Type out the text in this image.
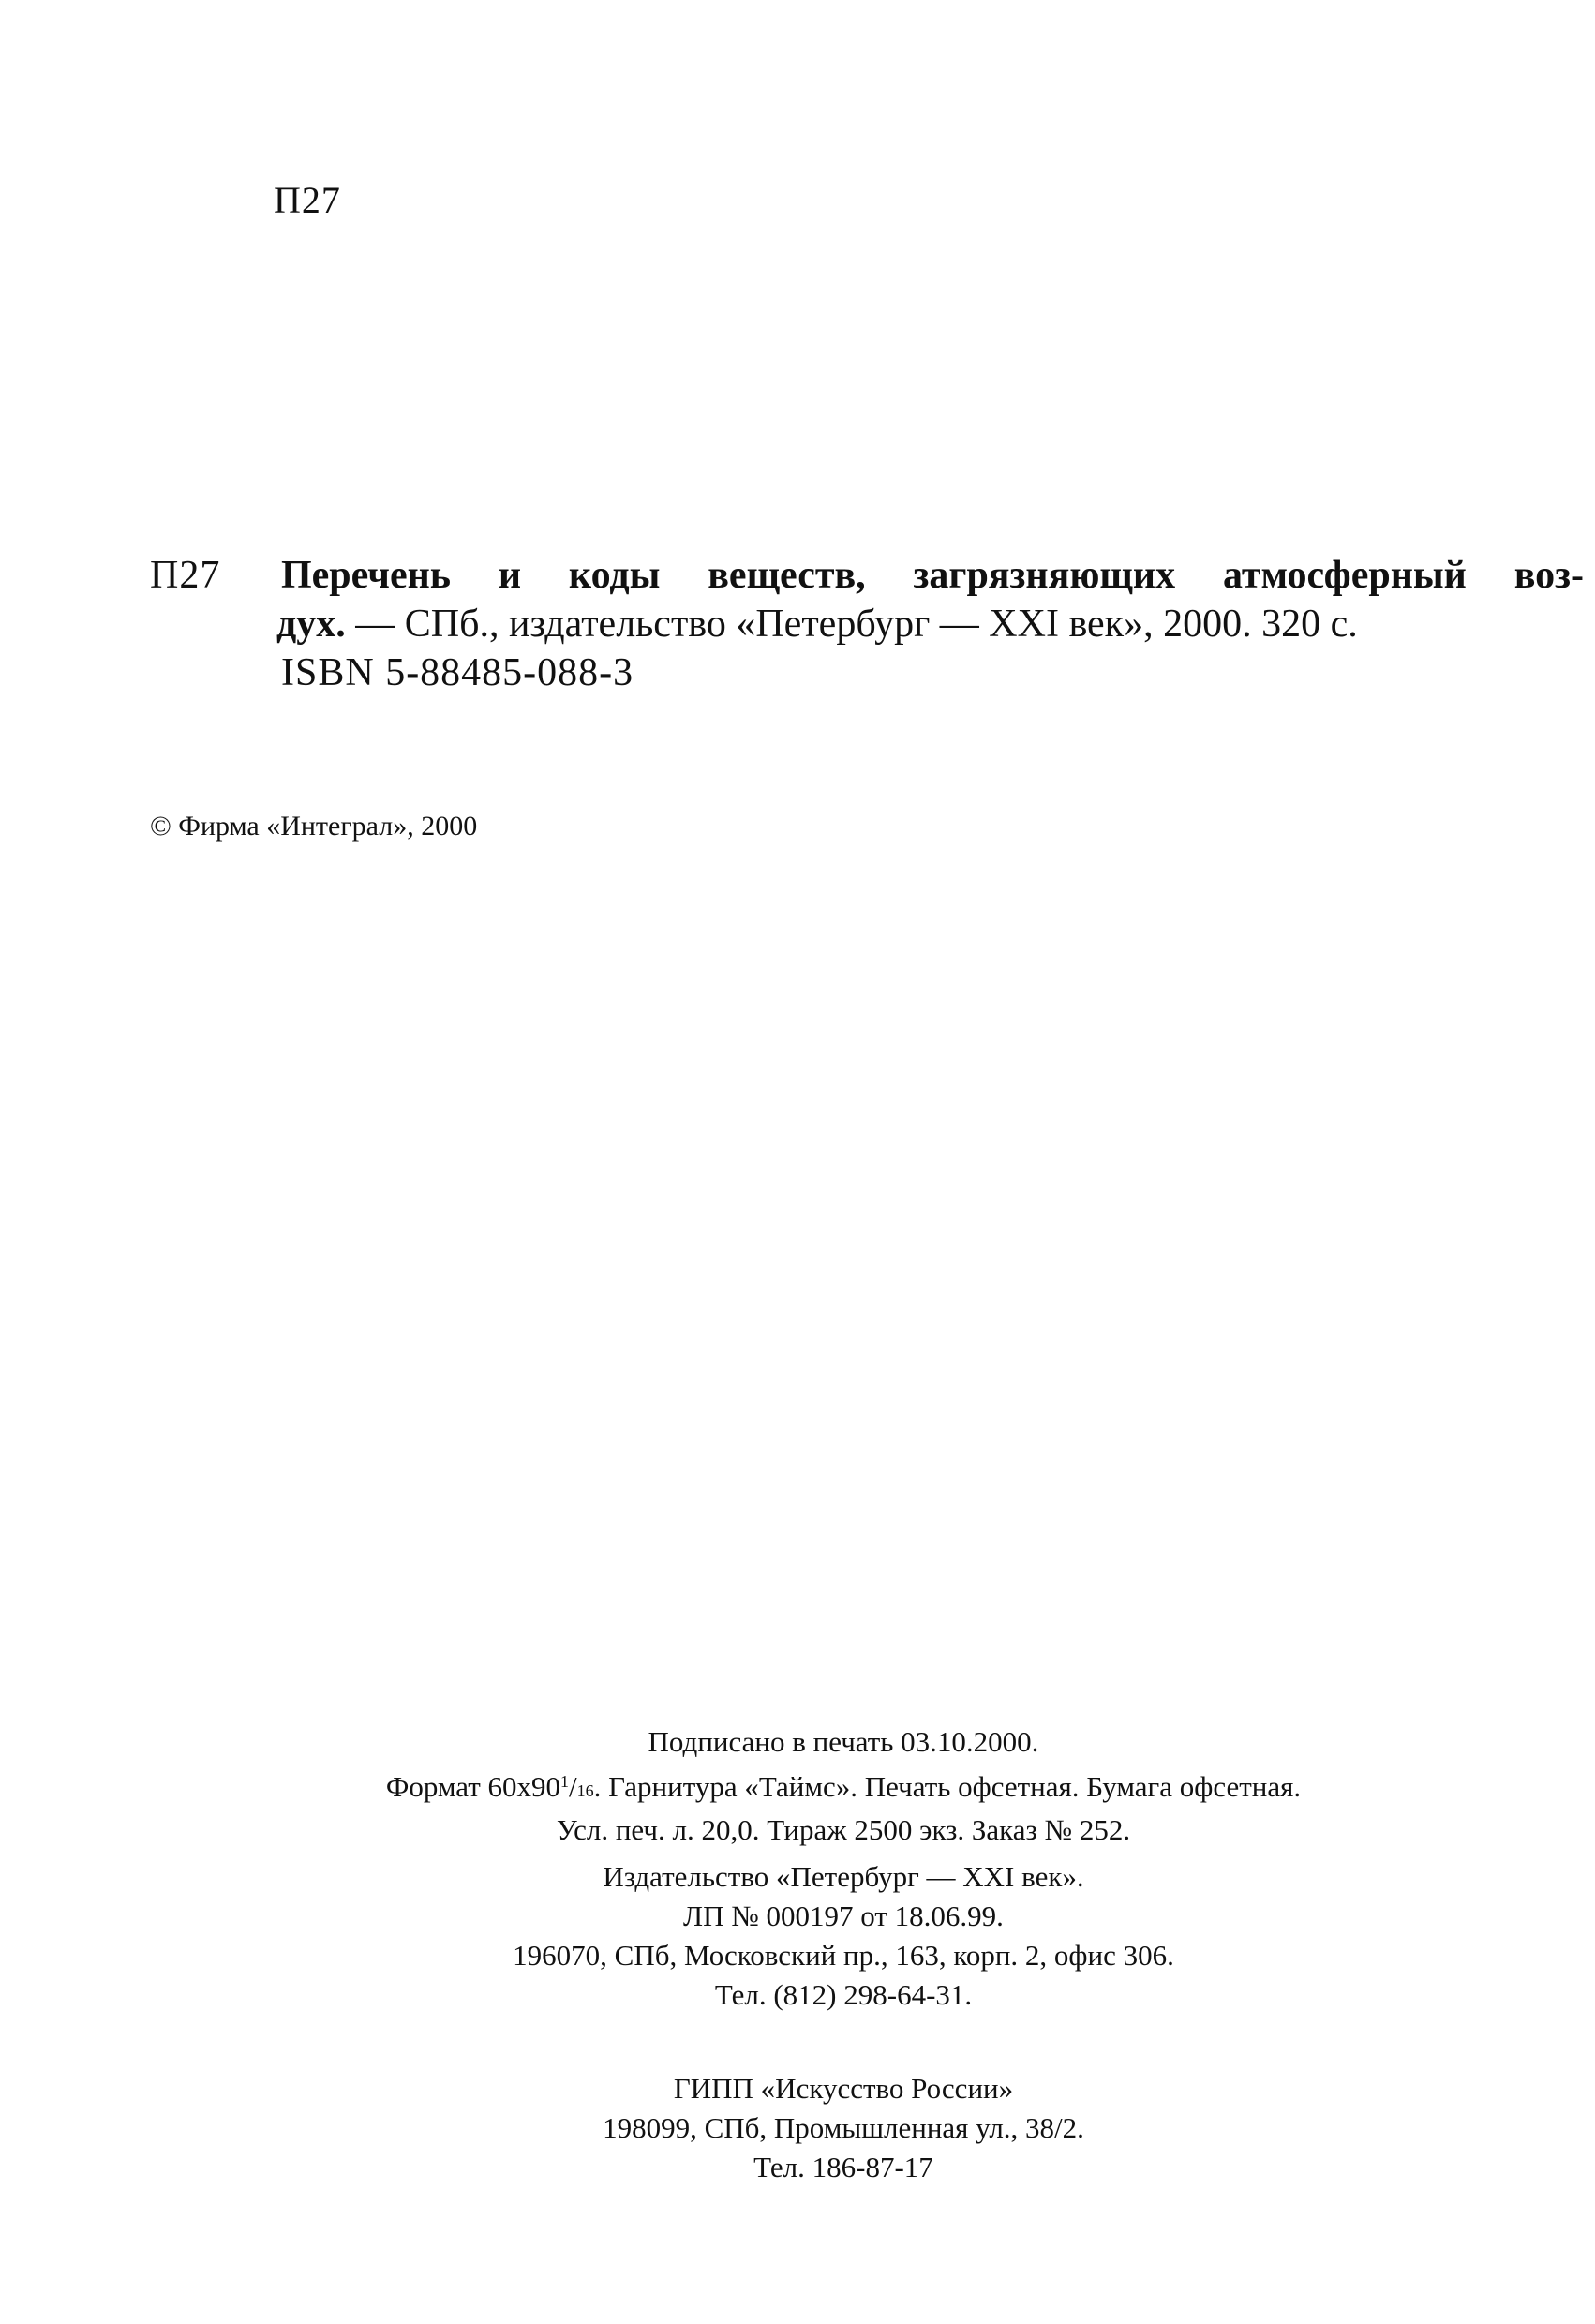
П27
П27 Перечень и коды веществ, загрязняющих атмосферный воз-
дух. — СПб., издательство «Петербург — XXI век», 2000. 320 с.
ISBN 5-88485-088-3
© Фирма «Интеграл», 2000
Подписано в печать 03.10.2000.
Формат $60х90^1/16$. Гарнитура «Таймс». Печать офсетная. Бумага офсетная.
Усл. печ. л. 20,0. Тираж 2500 экз. Заказ № 252.
Издательство «Петербург — XXI век».
ЛП № 000197 от 18.06.99.
196070, СПб, Московский пр., 163, корп. 2, офис 306.
Тел. (812) 298-64-31.
ГИПП «Искусство России»
198099, СПб, Промышленная ул., 38/2.
Тел. 186-87-17
